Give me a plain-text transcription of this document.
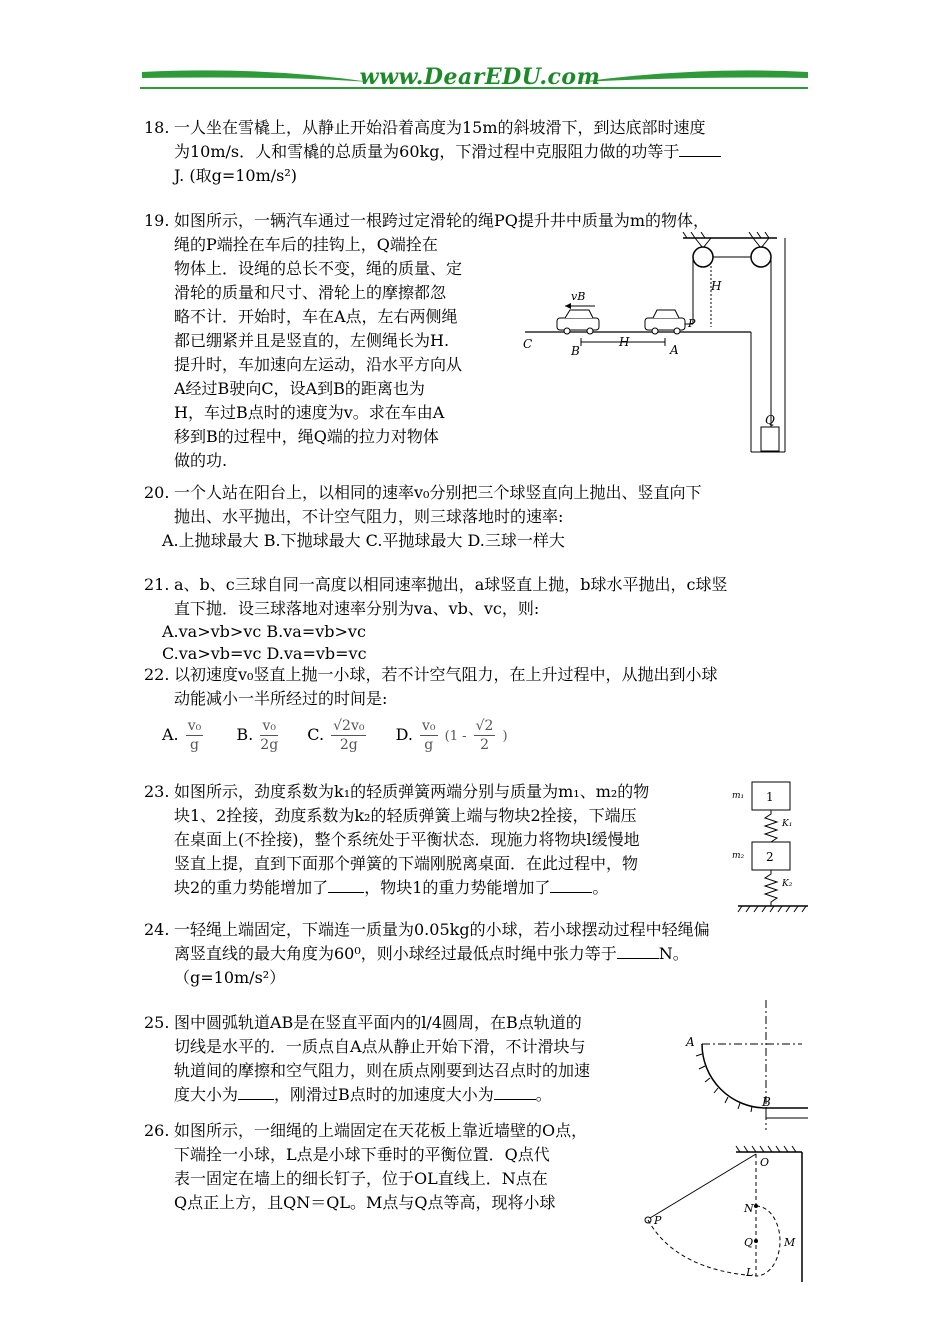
www.DearEDU.com
18. 一人坐在雪橇上，从静止开始沿着高度为15m的斜坡滑下，到达底部时速度
为10m/s．人和雪橇的总质量为60kg，下滑过程中克服阻力做的功等于
J. (取g=10m/s²)
19. 如图所示，一辆汽车通过一根跨过定滑轮的绳PQ提升井中质量为m的物体，
绳的P端拴在车后的挂钩上，Q端拴在
物体上．设绳的总长不变，绳的质量、定
滑轮的质量和尺寸、滑轮上的摩擦都忽
略不计．开始时，车在A点，左右两侧绳
都已绷紧并且是竖直的，左侧绳长为H.
提升时，车加速向左运动，沿水平方向从
A经过B驶向C，设A到B的距离也为
H，车过B点时的速度为v。求在车由A
移到B的过程中，绳Q端的拉力对物体
做的功.
H
vB
P
C	B
H
A
Q
20. 一个人站在阳台上，以相同的速率v₀分别把三个球竖直向上抛出、竖直向下
抛出、水平抛出，不计空气阻力，则三球落地时的速率:
A.上抛球最大 B.下抛球最大 C.平抛球最大 D.三球一样大
21. a、b、c三球自同一高度以相同速率抛出，a球竖直上抛，b球水平抛出，c球竖
直下抛．设三球落地对速率分别为va、vb、vc，则:
A.va>vb>vc B.va=vb>vc
C.va>vb=vc D.va=vb=vc
22. 以初速度v₀竖直上抛一小球，若不计空气阻力，在上升过程中，从抛出到小球
动能减小一半所经过的时间是:
A. $\frac{\text{v₀}}{g} B$. $\frac{\text{v₀}}{2g} C$. $\frac{\text{√2v₀}}{2g} D$. $\frac{\text{v₀}}{g} (1 - \frac{√2}{2}$ )
23. 如图所示，劲度系数为k₁的轻质弹簧两端分别与质量为m₁、m₂的物
块1、2拴接，劲度系数为k₂的轻质弹簧上端与物块2拴接，下端压
在桌面上(不拴接)，整个系统处于平衡状态．现施力将物块l缓慢地
竖直上提，直到下面那个弹簧的下端刚脱离桌面．在此过程中，物
块2的重力势能增加了 ，物块1的重力势能增加了	。
1
m₁
K₁
2
m₂
K₂
24. 一轻绳上端固定，下端连一质量为0.05kg的小球，若小球摆动过程中轻绳偏
离竖直线的最大角度为60⁰，则小球经过最低点时绳中张力等于	N。
（g=10m/s²）
25. 图中圆弧轨道AB是在竖直平面内的l/4圆周，在B点轨道的
切线是水平的．一质点自A点从静止开始下滑，不计滑块与
轨道间的摩擦和空气阻力，则在质点刚要到达召点时的加速
度大小为 ，刚滑过B点时的加速度大小为	。
A
B
26. 如图所示，一细绳的上端固定在天花板上靠近墙壁的O点，
下端拴一小球，L点是小球下垂时的平衡位置．Q点代
表一固定在墙上的细长钉子，位于OL直线上．N点在
Q点正上方，且QN＝QL。M点与Q点等高，现将小球
O
P
N
Q	M
L
